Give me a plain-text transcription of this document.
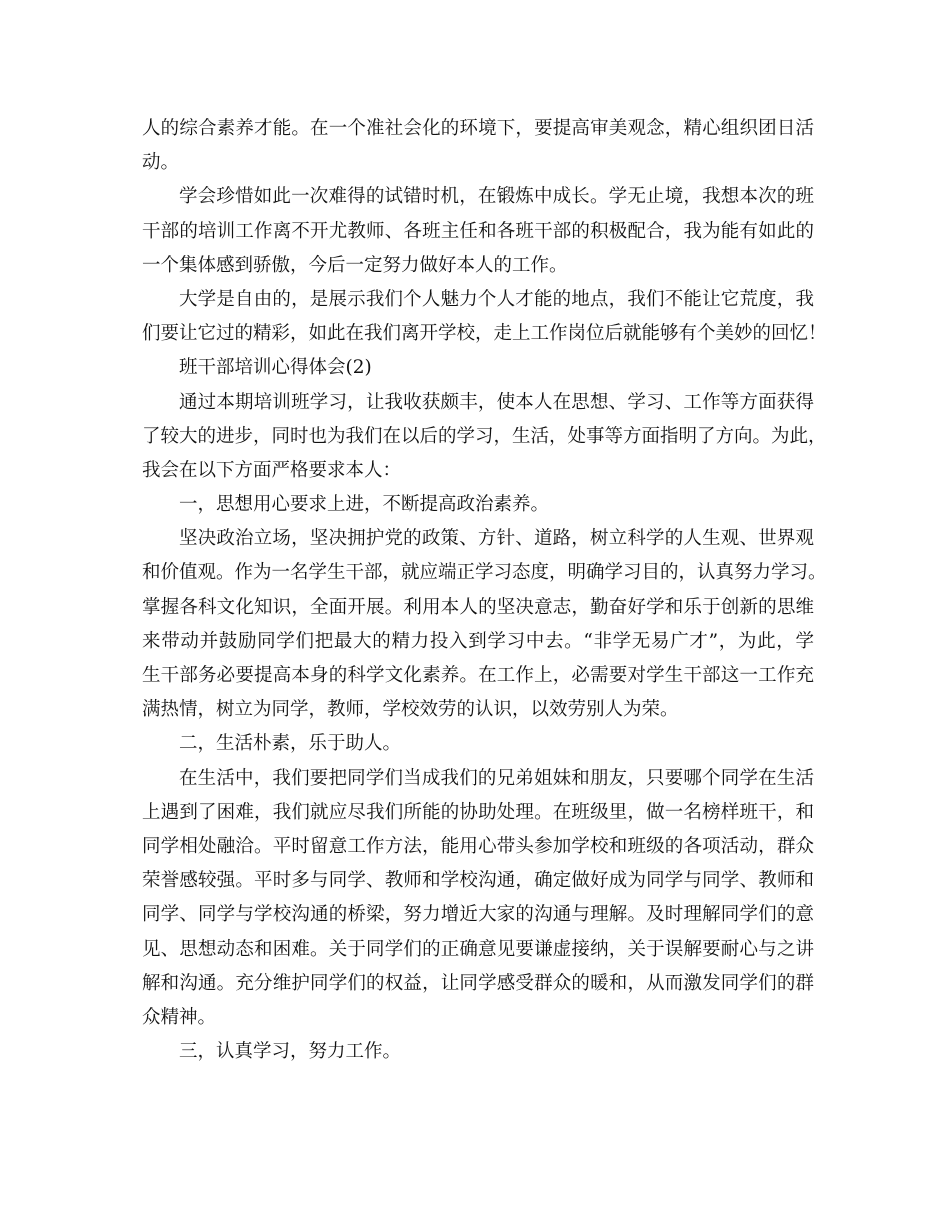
人的综合素养才能。在一个准社会化的环境下，要提高审美观念，精心组织团日活
动。
学会珍惜如此一次难得的试错时机，在锻炼中成长。学无止境，我想本次的班
干部的培训工作离不开尤教师、各班主任和各班干部的积极配合，我为能有如此的
一个集体感到骄傲，今后一定努力做好本人的工作。
大学是自由的，是展示我们个人魅力个人才能的地点，我们不能让它荒度，我
们要让它过的精彩，如此在我们离开学校，走上工作岗位后就能够有个美妙的回忆！
班干部培训心得体会(2)
通过本期培训班学习，让我收获颇丰，使本人在思想、学习、工作等方面获得
了较大的进步，同时也为我们在以后的学习，生活，处事等方面指明了方向。为此，
我会在以下方面严格要求本人：
一，思想用心要求上进，不断提高政治素养。
坚决政治立场，坚决拥护党的政策、方针、道路，树立科学的人生观、世界观
和价值观。作为一名学生干部，就应端正学习态度，明确学习目的，认真努力学习。
掌握各科文化知识，全面开展。利用本人的坚决意志，勤奋好学和乐于创新的思维
来带动并鼓励同学们把最大的精力投入到学习中去。“非学无易广才”，为此，学
生干部务必要提高本身的科学文化素养。在工作上，必需要对学生干部这一工作充
满热情，树立为同学，教师，学校效劳的认识，以效劳别人为荣。
二，生活朴素，乐于助人。
在生活中，我们要把同学们当成我们的兄弟姐妹和朋友，只要哪个同学在生活
上遇到了困难，我们就应尽我们所能的协助处理。在班级里，做一名榜样班干，和
同学相处融洽。平时留意工作方法，能用心带头参加学校和班级的各项活动，群众
荣誉感较强。平时多与同学、教师和学校沟通，确定做好成为同学与同学、教师和
同学、同学与学校沟通的桥梁，努力增近大家的沟通与理解。及时理解同学们的意
见、思想动态和困难。关于同学们的正确意见要谦虚接纳，关于误解要耐心与之讲
解和沟通。充分维护同学们的权益，让同学感受群众的暖和，从而激发同学们的群
众精神。
三，认真学习，努力工作。
